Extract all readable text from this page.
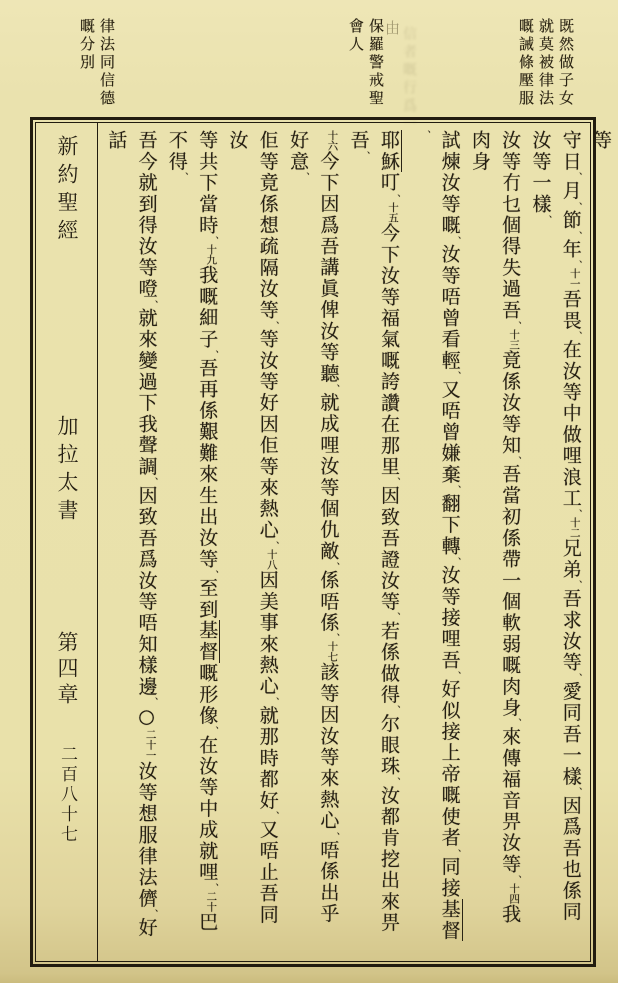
既然做子女
就莫被律法
嘅誡條壓服
信者嘅行爲一
由
保羅警戒聖
會人
律法同信德
嘅分別
新約聖經
加拉太書
第四章
二百八十七
等
守日、月、節、年、十一吾畏、在汝等中做哩浪工、十二兄弟、吾求汝等、愛同吾一樣、因爲吾也係同汝等一樣、
汝等冇乜個得失過吾、十三竟係汝等知、吾當初係帶一個軟弱嘅肉身、來傳福音畀汝等、十四我肉身
試煉汝等嘅、汝等唔曾看輕、又唔曾嫌棄、翻下轉、汝等接哩吾、好似接上帝嘅使者、同接基督、
耶穌叮、十五今下汝等福氣嘅誇讚在那里、因致吾證汝等、若係做得、尔眼珠、汝都肯挖出來畀吾、
十六今下因爲吾講眞俾汝等聽、就成哩汝等個仇敵、係唔係、十七該等因汝等來熱心、唔係出乎好意、
佢等竟係想疏隔汝等、等汝等好因佢等來熱心、十八因美事來熱心、就那時都好、又唔止吾同汝
等共下當時、十九我嘅細子、吾再係艱難來生出汝等、至到基督嘅形像、在汝等中成就哩、二十巴不得、
吾今就到得汝等噔、就來變過下我聲調、因致吾爲汝等唔知樣邊、○二十一汝等想服律法儕、好話
